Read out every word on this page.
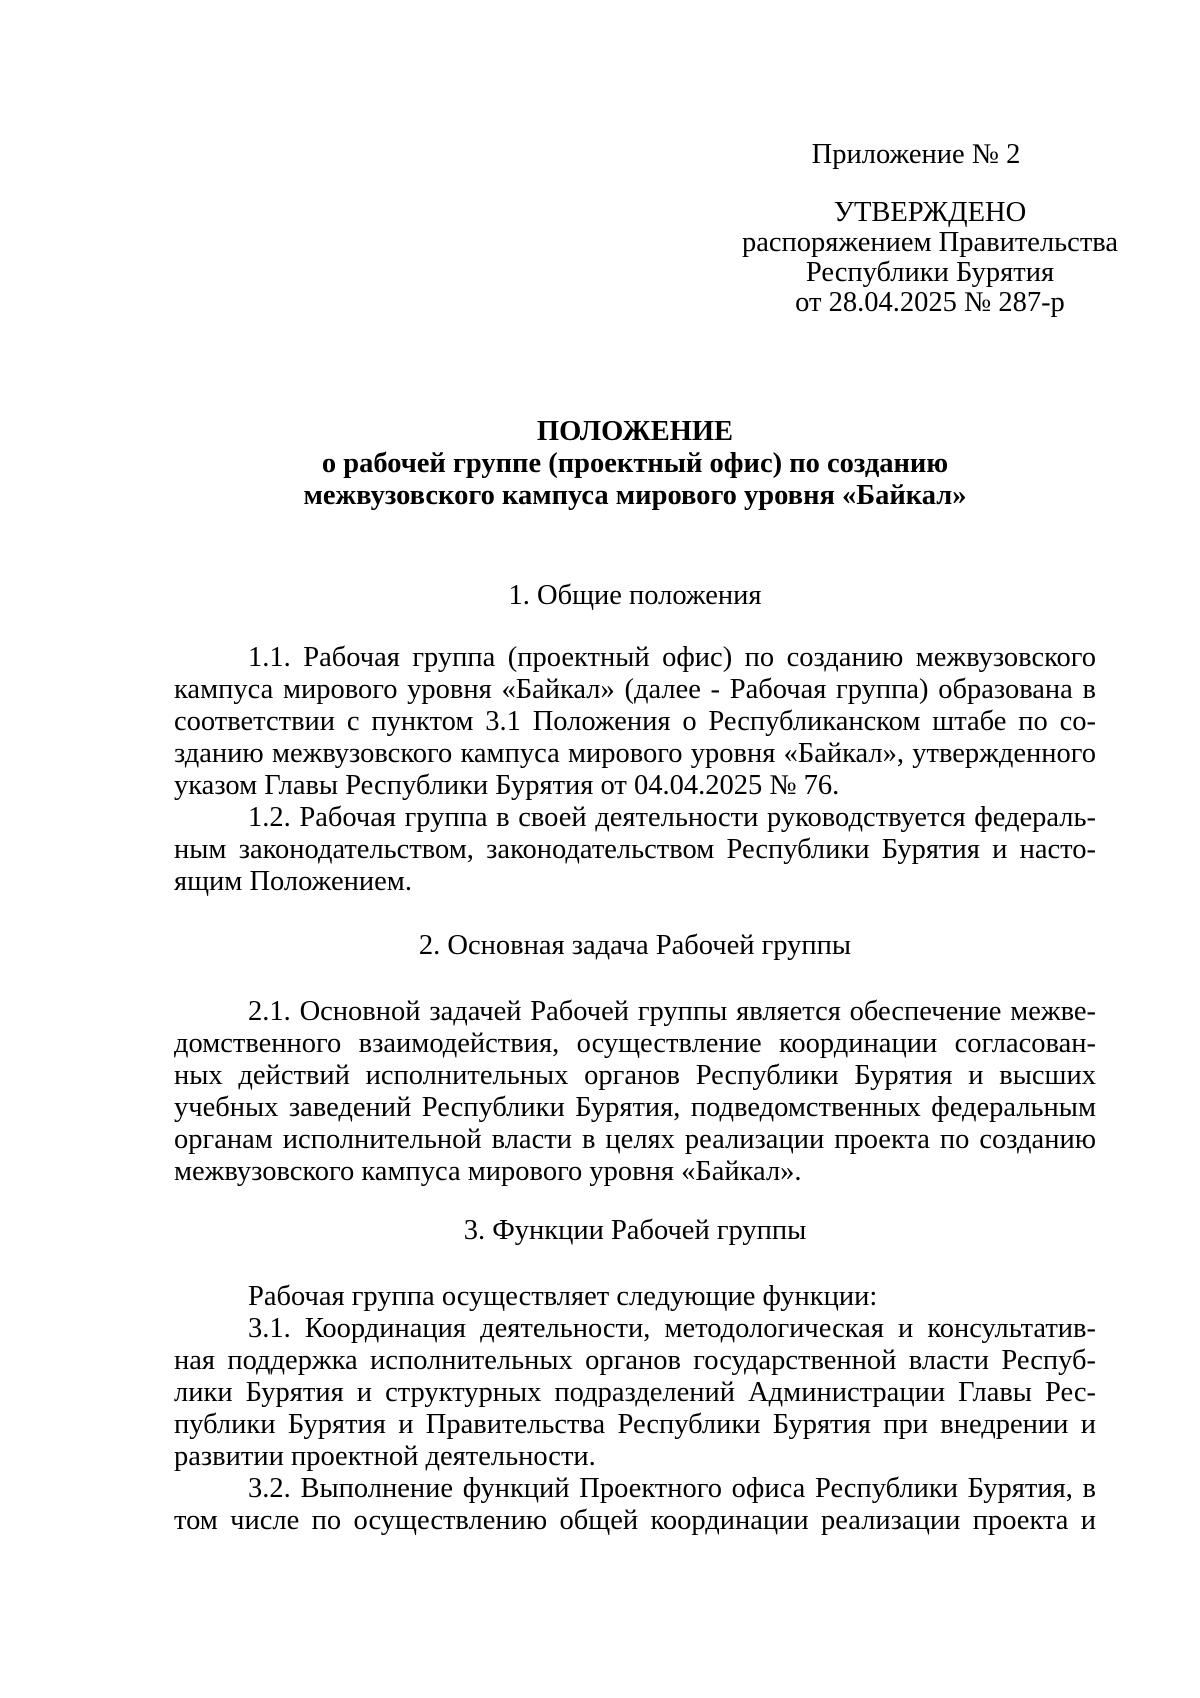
Приложение № 2
УТВЕРЖДЕНО
распоряжением Правительства
Республики Бурятия
от 28.04.2025 № 287-р
ПОЛОЖЕНИЕ
о рабочей группе (проектный офис) по созданию
межвузовского кампуса мирового уровня «Байкал»
1. Общие положения
1.1. Рабочая группа (проектный офис) по созданию межвузовского
кампуса мирового уровня «Байкал» (далее - Рабочая группа) образована в
соответствии с пунктом 3.1 Положения о Республиканском штабе по со-
зданию межвузовского кампуса мирового уровня «Байкал», утвержденного
указом Главы Республики Бурятия от 04.04.2025 № 76.
1.2. Рабочая группа в своей деятельности руководствуется федераль-
ным законодательством, законодательством Республики Бурятия и насто-
ящим Положением.
2. Основная задача Рабочей группы
2.1. Основной задачей Рабочей группы является обеспечение межве-
домственного взаимодействия, осуществление координации согласован-
ных действий исполнительных органов Республики Бурятия и высших
учебных заведений Республики Бурятия, подведомственных федеральным
органам исполнительной власти в целях реализации проекта по созданию
межвузовского кампуса мирового уровня «Байкал».
3. Функции Рабочей группы
Рабочая группа осуществляет следующие функции:
3.1. Координация деятельности, методологическая и консультатив-
ная поддержка исполнительных органов государственной власти Респуб-
лики Бурятия и структурных подразделений Администрации Главы Рес-
публики Бурятия и Правительства Республики Бурятия при внедрении и
развитии проектной деятельности.
3.2. Выполнение функций Проектного офиса Республики Бурятия, в
том числе по осуществлению общей координации реализации проекта и
